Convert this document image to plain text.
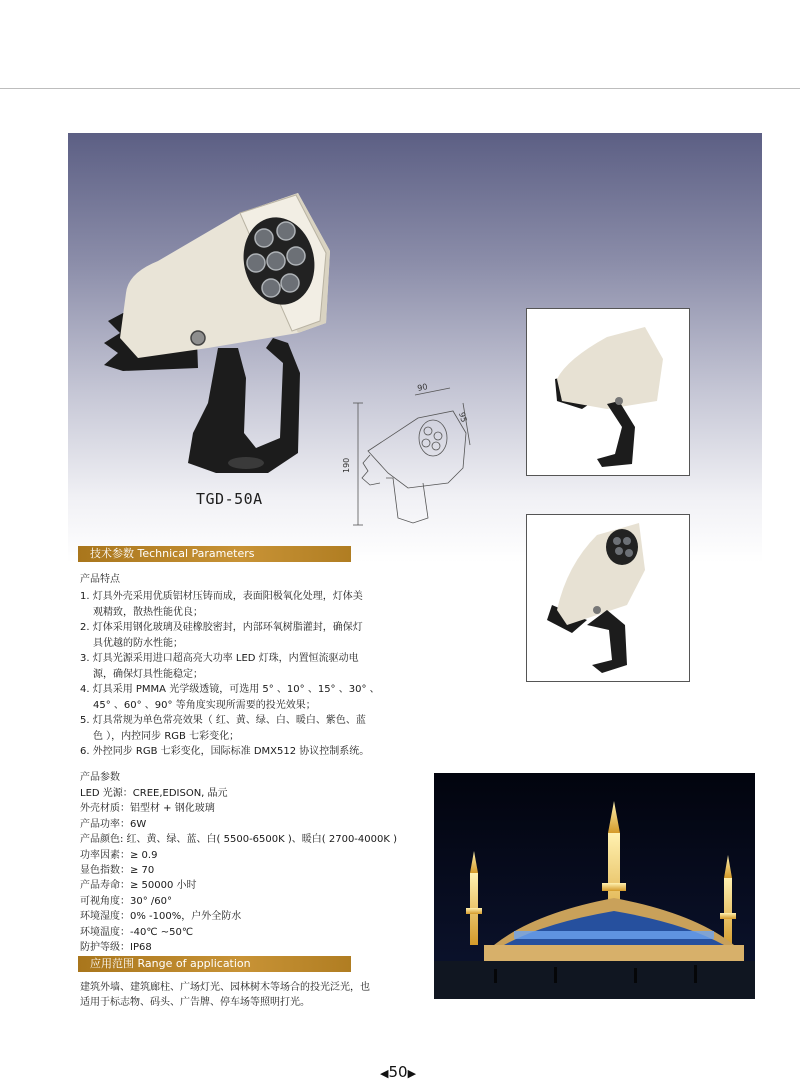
190
90
95
TGD-50A
技术参数 Technical Parameters
产品特点
1. 灯具外壳采用优质铝材压铸而成，表面阳极氧化处理，灯体美
观精致，散热性能优良；
2. 灯体采用钢化玻璃及硅橡胶密封，内部环氧树脂灌封，确保灯
具优越的防水性能；
3. 灯具光源采用进口超高亮大功率 LED 灯珠，内置恒流驱动电
源，确保灯具性能稳定；
4. 灯具采用 PMMA 光学级透镜，可选用 5° 、10° 、15° 、30° 、
45° 、60° 、90° 等角度实现所需要的投光效果；
5. 灯具常规为单色常亮效果（ 红、黄、绿、白、暖白、紫色、蓝
色 ），内控同步 RGB 七彩变化；
6. 外控同步 RGB 七彩变化，国际标准 DMX512 协议控制系统。
产品参数
LED 光源：CREE,EDISON, 晶元
外壳材质：铝型材 + 钢化玻璃
产品功率：6W
产品颜色: 红、黄、绿、蓝、白( 5500-6500K )、暖白( 2700-4000K )
功率因素：≥ 0.9
显色指数：≥ 70
产品寿命：≥ 50000 小时
可视角度：30° /60°
环境湿度：0% -100%，户外全防水
环境温度：-40℃ ~50℃
防护等级：IP68
应用范围 Range of application
建筑外墙、建筑廊柱、广场灯光、园林树木等场合的投光泛光，也
适用于标志物、码头、广告牌、停车场等照明打光。
◀50▶
